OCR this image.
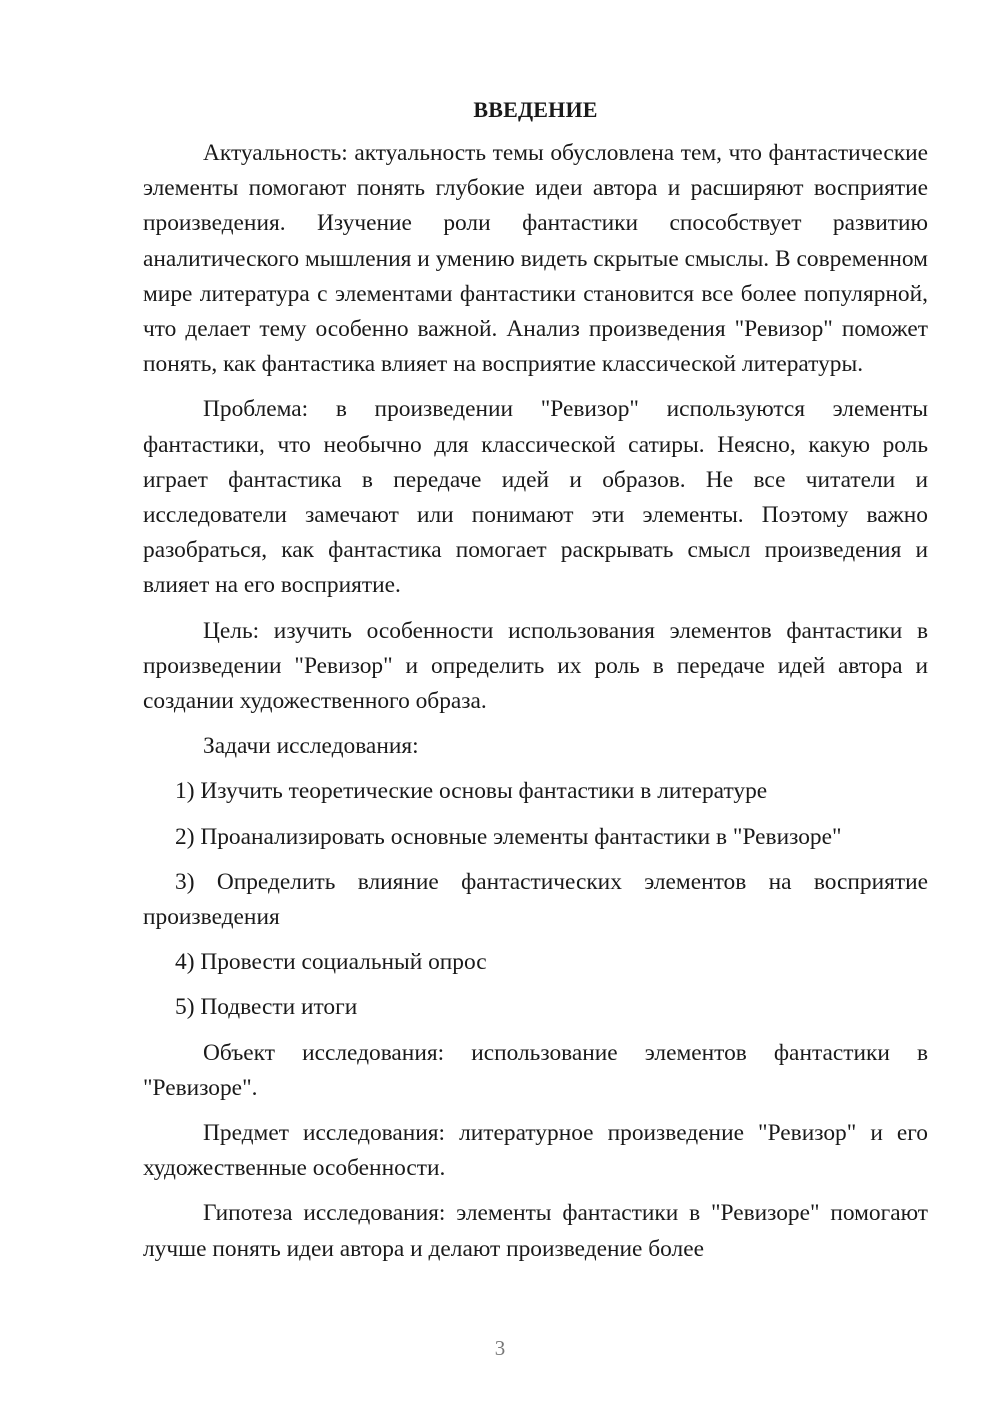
ВВЕДЕНИЕ

Актуальность: актуальность темы обусловлена тем, что фантастические элементы помогают понять глубокие идеи автора и расширяют восприятие произведения. Изучение роли фантастики способствует развитию аналитического мышления и умению видеть скрытые смыслы. В современном мире литература с элементами фантастики становится все более популярной, что делает тему особенно важной. Анализ произведения "Ревизор" поможет понять, как фантастика влияет на восприятие классической литературы.

Проблема: в произведении "Ревизор" используются элементы фантастики, что необычно для классической сатиры. Неясно, какую роль играет фантастика в передаче идей и образов. Не все читатели и исследователи замечают или понимают эти элементы. Поэтому важно разобраться, как фантастика помогает раскрывать смысл произведения и влияет на его восприятие.

Цель: изучить особенности использования элементов фантастики в произведении "Ревизор" и определить их роль в передаче идей автора и создании художественного образа.

Задачи исследования:

1) Изучить теоретические основы фантастики в литературе

2) Проанализировать основные элементы фантастики в "Ревизоре"

3) Определить влияние фантастических элементов на восприятие произведения

4) Провести социальный опрос

5) Подвести итоги

Объект исследования: использование элементов фантастики в "Ревизоре".

Предмет исследования: литературное произведение "Ревизор" и его художественные особенности.

Гипотеза исследования: элементы фантастики в "Ревизоре" помогают лучше понять идеи автора и делают произведение более

3
